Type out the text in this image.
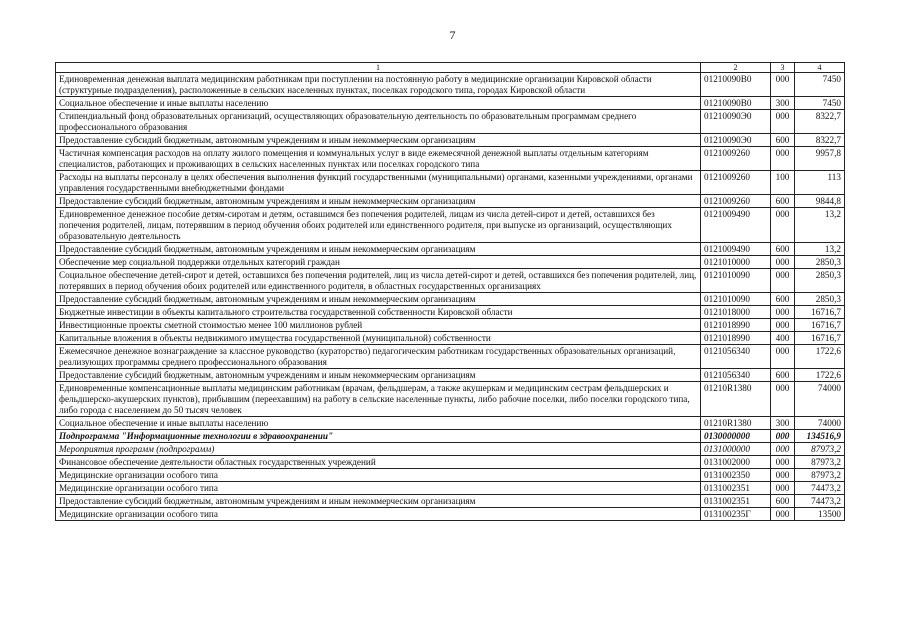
7
1	2	3	4
Единовременная денежная выплата медицинским работникам при поступлении на постоянную работу в медицинские организации Кировской области (структурные подразделения), расположенные в сельских населенных пунктах, поселках городского типа, городах Кировской области	01210090В0	000	7450
Социальное обеспечение и иные выплаты населению	01210090В0	300	7450
Стипендиальный фонд образовательных организаций, осуществляющих образовательную деятельность по образовательным программам среднего профессионального образования	01210090Э0	000	8322,7
Предоставление субсидий бюджетным, автономным учреждениям и иным некоммерческим организациям	01210090Э0	600	8322,7
Частичная компенсация расходов на оплату жилого помещения и коммунальных услуг в виде ежемесячной денежной выплаты отдельным категориям специалистов, работающих и проживающих в сельских населенных пунктах или поселках городского типа	0121009260	000	9957,8
Расходы на выплаты персоналу в целях обеспечения выполнения функций государственными (муниципальными) органами, казенными учреждениями, органами управления государственными внебюджетными фондами	0121009260	100	113
Предоставление субсидий бюджетным, автономным учреждениям и иным некоммерческим организациям	0121009260	600	9844,8
Единовременное денежное пособие детям-сиротам и детям, оставшимся без попечения родителей, лицам из числа детей-сирот и детей, оставшихся без попечения родителей, лицам, потерявшим в период обучения обоих родителей или единственного родителя, при выпуске из организаций, осуществляющих образовательную деятельность	0121009490	000	13,2
Предоставление субсидий бюджетным, автономным учреждениям и иным некоммерческим организациям	0121009490	600	13,2
Обеспечение мер социальной поддержки отдельных категорий граждан	0121010000	000	2850,3
Социальное обеспечение детей-сирот и детей, оставшихся без попечения родителей, лиц из числа детей-сирот и детей, оставшихся без попечения родителей, лиц, потерявших в период обучения обоих родителей или единственного родителя, в областных государственных организациях	0121010090	000	2850,3
Предоставление субсидий бюджетным, автономным учреждениям и иным некоммерческим организациям	0121010090	600	2850,3
Бюджетные инвестиции в объекты капитального строительства государственной собственности Кировской области	0121018000	000	16716,7
Инвестиционные проекты сметной стоимостью менее 100 миллионов рублей	0121018990	000	16716,7
Капитальные вложения в объекты недвижимого имущества государственной (муниципальной) собственности	0121018990	400	16716,7
Ежемесячное денежное вознаграждение за классное руководство (кураторство) педагогическим работникам государственных образовательных организаций, реализующих программы среднего профессионального образования	0121056340	000	1722,6
Предоставление субсидий бюджетным, автономным учреждениям и иным некоммерческим организациям	0121056340	600	1722,6
Единовременные компенсационные выплаты медицинским работникам (врачам, фельдшерам, а также акушеркам и медицинским сестрам фельдшерских и фельдшерско-акушерских пунктов), прибывшим (переехавшим) на работу в сельские населенные пункты, либо рабочие поселки, либо поселки городского типа, либо города с населением до 50 тысяч человек	01210R1380	000	74000
Социальное обеспечение и иные выплаты населению	01210R1380	300	74000
Подпрограмма "Информационные технологии в здравоохранении"	0130000000	000	134516,9
Мероприятия программ (подпрограмм)	0131000000	000	87973,2
Финансовое обеспечение деятельности областных государственных учреждений	0131002000	000	87973,2
Медицинские организации особого типа	0131002350	000	87973,2
Медицинские организации особого типа	0131002351	000	74473,2
Предоставление субсидий бюджетным, автономным учреждениям и иным некоммерческим организациям	0131002351	600	74473,2
Медицинские организации особого типа	013100235Г	000	13500
